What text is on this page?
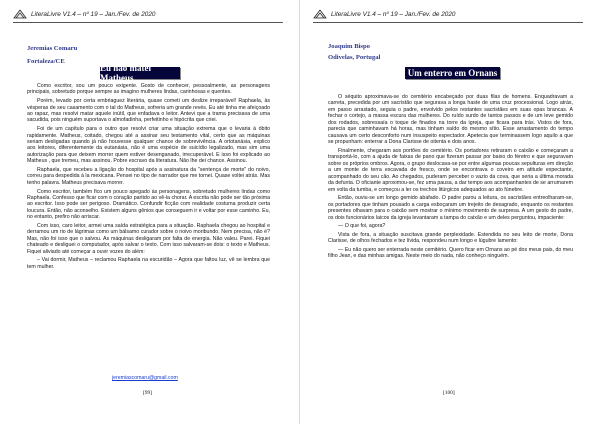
LiteraLivre V1.4 – nº 19 – Jan./Fev. de 2020
Jeremias Comaru
Fortaleza/CE
Eu não matei Matheus

Como escritor, sou um pouco exigente. Gosto de conhecer, pessoalmente, as personagens principais, sobretudo porque sempre as imagino mulheres lindas, carinhosas e quentes.

Porém, levado por certa embriaguez literária, quase cometi um deslize irreparável! Raphaela, às vésperas de seu casamento com o tal do Matheus, sofreria um grande revés. Eu até tinha me afeiçoado ao rapaz, mas resolvi matar aquele inútil, que enfadava o leitor. Antevi que a trama precisava de uma sacudida, pois ninguém suportava o almofadinha, perfeitinho e hipócrita que criei.

Foi de um capítulo para o outro que resolvi criar uma situação extrema que o levaria à óbito rapidamente. Matheus, coitado, chegou até a assinar seu testamento vital, certo que as máquinas seriam desligadas quando já não houvesse qualquer chance de sobrevivência. A ortotanásia, explico aos leitores, diferentemente da eutanásia, não é uma espécie de suicídio legalizado, mas sim uma autorização para que deixem morrer quem estiver desenganado, irrecuperável. E isso foi explicado ao Matheus , que tremeu, mas assinou. Pobre escravo da literatura. Não lhe dei chance. Assinou.

Raphaela, que recebeu a ligação do hospital após a assinatura da "sentença de morte" do noivo, correu para despedida à la mexicana. Pensei no tipo de narrador que me tornei. Quase voltei atrás. Mas tenho palavra. Matheus precisava morrer.

Como escritor, também fico um pouco apegado às personagens, sobretudo mulheres lindas como Raphaela. Confesso que ficar com o coração partido ao vê-la chorar. A escrita não pode ser tão próxima ao escritor. Isso pode ser perigoso. Dramático. Confundir ficção com realidade costuma produzir certa loucura. Então, não aconselho. Existem alguns gênios que conseguem ir e voltar por esse caminho. Eu, no entanto, prefiro não arriscar.

Com isso, caro leitor, armei uma saída estratégica para a situação. Raphaela chegou ao hospital e derramou um rio de lágrimas como um bálsamo curador sobre o noivo moribundo. Nem precisa, não é? Mas, não foi isso que o salvou. As máquinas desligaram por falta de energia. Não valeu. Parei. Fiquei chateado e desliguei o computador, após salvar o texto. Com isso salvaram-se dois: o texto e Matheus. Fiquei aliviado até começar a ouvir vozes do além:

– Vai dormir, Matheus – reclamou Raphaela na escuridão – Agora que faltou luz, vê se lembra que tem mulher.

jeremiascomaru@gmail.com
[99]
LiteraLivre V1.4 – nº 19 – Jan./Fev. de 2020
Joaquim Bispo
Odivelas, Portugal
Um enterro em Ornans

O séquito aproximava-se do cemitério encabeçado por duas filas de homens. Enquadravam a carreta, precedida por um sacristão que segurava a longa haste de uma cruz processional. Logo atrás, em passo arrastado, seguia o padre, envolvido pelos restantes sacristães em suas opas brancas. A fechar o cortejo, a massa escura das mulheres. Do ruído surdo de tantos passos e de um leve gemido dos rodados, sobressaía o toque de finados na torre da igreja, que ficara para trás. Vistos de fora, parecia que caminhavam há horas, mas tinham saído do mesmo sítio. Esse arrastamento do tempo causava um certo desconforto num insuspeito espectador. Apetecia que terminassem logo aquilo a que se propunham: enterrar a Dona Clarisse de oitenta e dois anos.

Finalmente, chegaram aos portões do cemitério. Os portadores retiraram o caixão e começaram a transportá-lo, com a ajuda de faixas de pano que fizeram passar por baixo do féretro e que seguravam sobre os próprios ombros. Agora, o grupo deslocava-se por entre algumas poucas sepulturas em direção a um monte de terra escavada de fresco, onde se encontrava o coveiro em atitude expectante, acompanhado do seu cão. Ao chegados, puderam perceber o vazio da cova, que seria a última morada da defunta. O oficiante aproximou-se, fez uma pausa, a dar tempo aos acompanhantes de se arrumarem em volta da tumba, e começou a ler os trechos litúrgicos adequados ao ato fúnebre.

Então, ouviu-se um longo gemido abafado. O padre parou a leitura, os sacristães entreolharam-se, os portadores que tinham pousado a carga esboçaram um trejeito de desagrado, enquanto os restantes presentes olhavam para o caixão sem mostrar o mínimo movimento de surpresa. A um gesto do padre, os dois funcionários laicos da igreja levantaram a tampa do caixão e um deles perguntou, impaciente:

— O que foi, agora?

Vista de fora, a situação suscitava grande perplexidade. Estendida no seu leito de morte, Dona Clarisse, de olhos fechados e tez lívida, respondeu num longo e lúgubre lamento:

— Eu não quero ser enterrada neste cemitério. Quero ficar em Ornans ao pé dos meus pais, do meu filho Jean, e das minhas amigas. Neste meio do nada, não conheço ninguém.

[100]
